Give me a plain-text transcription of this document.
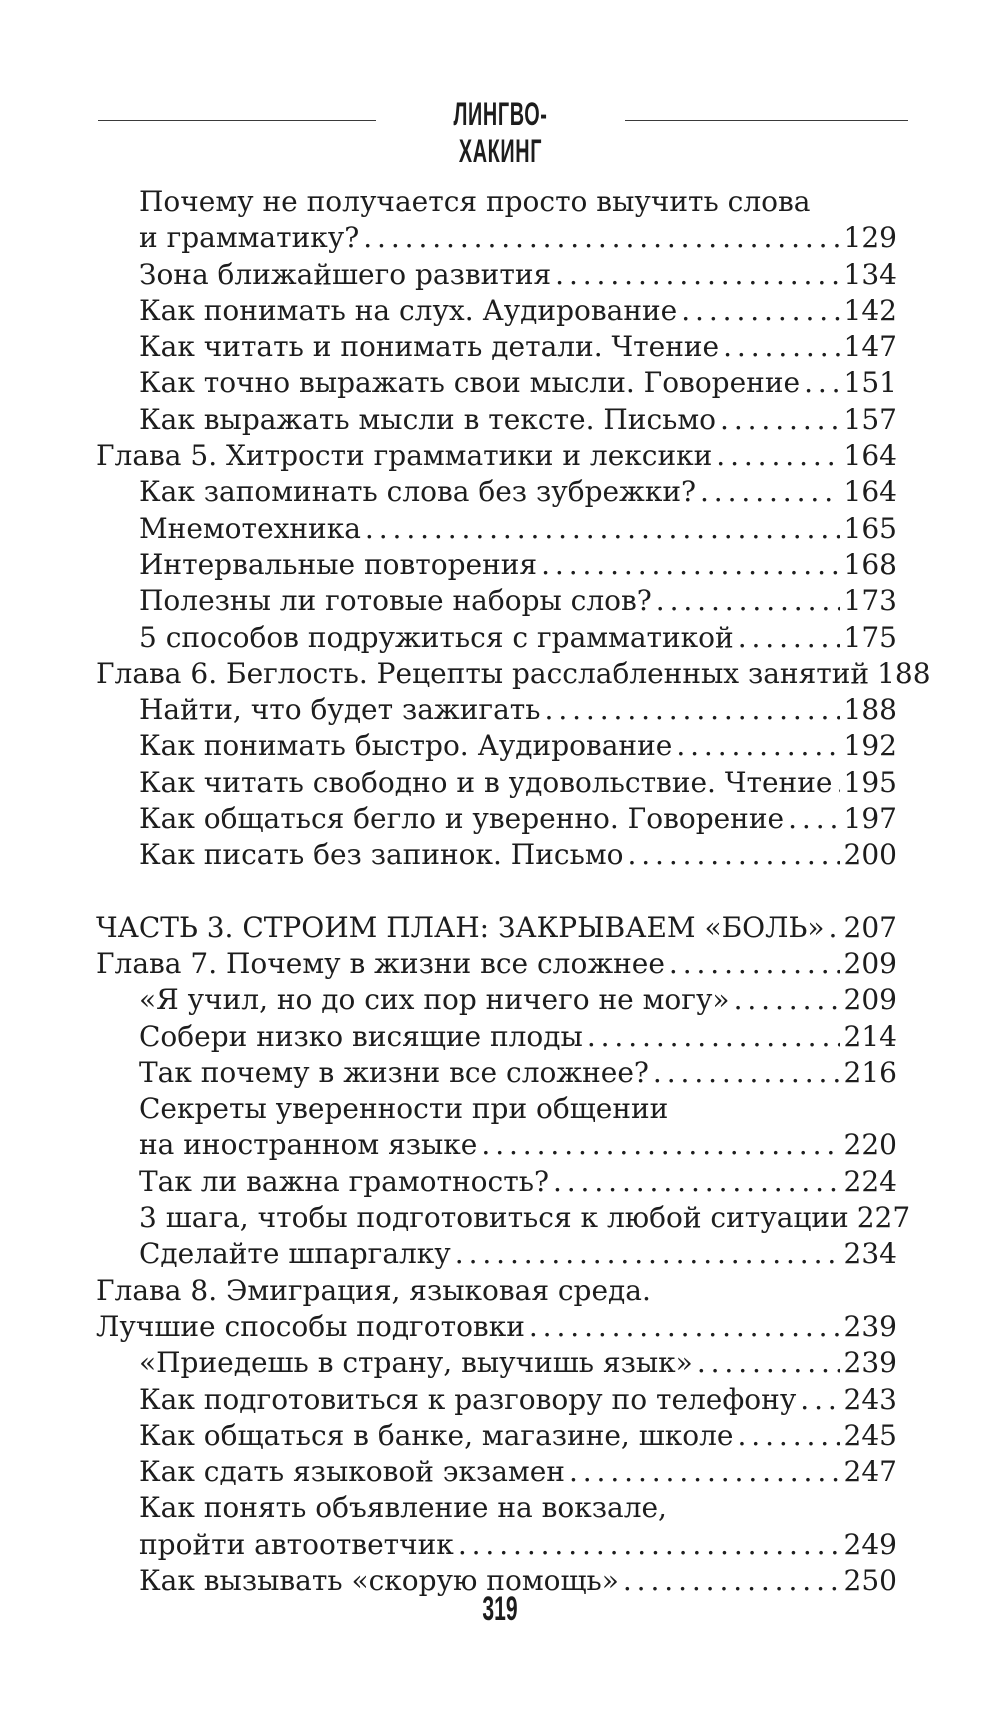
ЛИНГВО-ХАКИНГ
Почему не получается просто выучить слова
и грамматику? . . .	129
Зона ближайшего развития . . .	134
Как понимать на слух. Аудирование . . .	142
Как читать и понимать детали. Чтение . . .	147
Как точно выражать свои мысли. Говорение . . . 151
Как выражать мысли в тексте. Письмо . . .	157
Глава 5. Хитрости грамматики и лексики . . .	164
Как запоминать слова без зубрежки? . . .	164
Мнемотехника . . .	165
Интервальные повторения . . .	168
Полезны ли готовые наборы слов? . . .	173
5 способов подружиться с грамматикой . . .	175
Глава 6. Беглость. Рецепты расслабленных занятий 188
Найти, что будет зажигать . . .	188
Как понимать быстро. Аудирование . . .	192
Как читать свободно и в удовольствие. Чтение . . . 195
Как общаться бегло и уверенно. Говорение . . . 197
Как писать без запинок. Письмо . . .	200
ЧАСТЬ 3. СТРОИМ ПЛАН: ЗАКРЫВАЕМ «БОЛЬ» . . . 207
Глава 7. Почему в жизни все сложнее . . .	209
«Я учил, но до сих пор ничего не могу» . . .	209
Собери низко висящие плоды . . .	214
Так почему в жизни все сложнее? . . .	216
Секреты уверенности при общении
на иностранном языке . . .	220
Так ли важна грамотность? . . .	224
3 шага, чтобы подготовиться к любой ситуации 227
Сделайте шпаргалку . . .	234
Глава 8. Эмиграция, языковая среда.
Лучшие способы подготовки . . .	239
«Приедешь в страну, выучишь язык» . . .	239
Как подготовиться к разговору по телефону . . . 243
Как общаться в банке, магазине, школе . . .	245
Как сдать языковой экзамен . . .	247
Как понять объявление на вокзале,
пройти автоответчик . . .	249
Как вызывать «скорую помощь» . . .	250
319
